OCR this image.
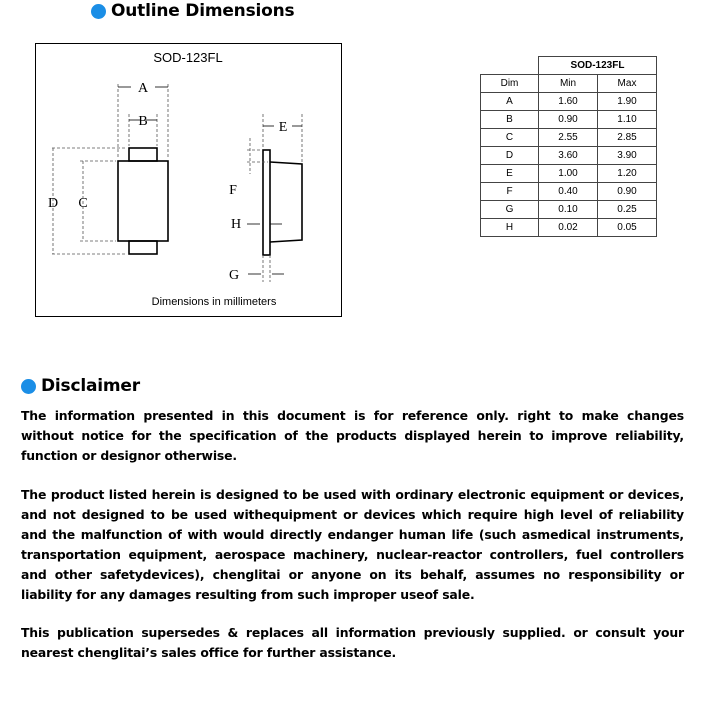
Outline Dimensions
SOD-123FL
A
B
D C
E
F
H
G
Dimensions in millimeters
	SOD-123FL	
Dim	Min	Max
A	1.60	1.90
B	0.90	1.10
C	2.55	2.85
D	3.60	3.90
E	1.00	1.20
F	0.40	0.90
G	0.10	0.25
H	0.02	0.05
Disclaimer
The information presented in this document is for reference only. right to make changes without notice for the specification of the products displayed herein to improve reliability, function or designor otherwise.
The product listed herein is designed to be used with ordinary electronic equipment or devices, and not designed to be used withequipment or devices which require high level of reliability and the malfunction of with would directly endanger human life (such asmedical instruments, transportation equipment, aerospace machinery, nuclear-reactor controllers, fuel controllers and other safetydevices), chenglitai or anyone on its behalf, assumes no responsibility or liability for any damages resulting from such improper useof sale.
This publication supersedes & replaces all information previously supplied. or consult your nearest chenglitai’s sales office for further assistance.
